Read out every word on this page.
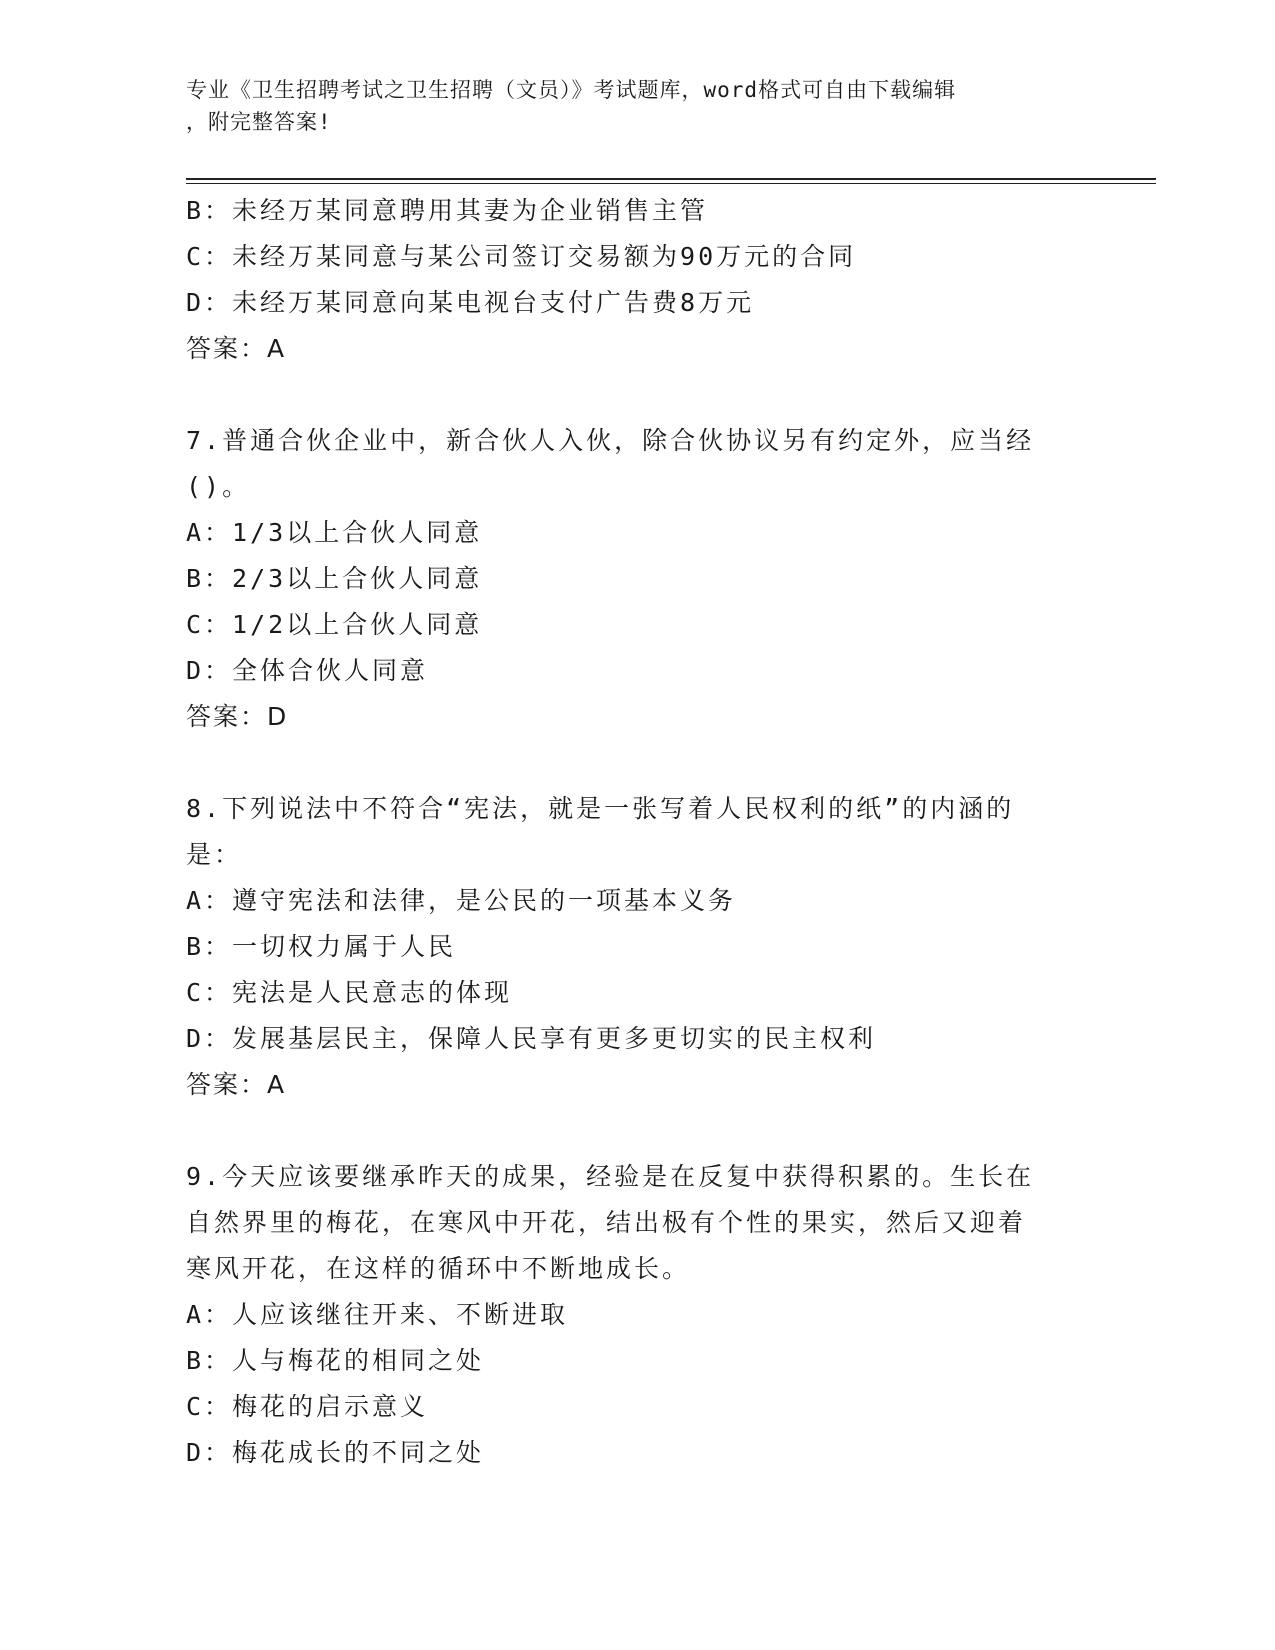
专业《卫生招聘考试之卫生招聘（文员）》考试题库，word格式可自由下载编辑
，附完整答案!
B：未经万某同意聘用其妻为企业销售主管
C：未经万某同意与某公司签订交易额为90万元的合同
D：未经万某同意向某电视台支付广告费8万元
答案：A
7.普通合伙企业中，新合伙人入伙，除合伙协议另有约定外，应当经
()。
A：1/3以上合伙人同意
B：2/3以上合伙人同意
C：1/2以上合伙人同意
D：全体合伙人同意
答案：D
8.下列说法中不符合“宪法，就是一张写着人民权利的纸”的内涵的
是：
A：遵守宪法和法律，是公民的一项基本义务
B：一切权力属于人民
C：宪法是人民意志的体现
D：发展基层民主，保障人民享有更多更切实的民主权利
答案：A
9.今天应该要继承昨天的成果，经验是在反复中获得积累的。生长在
自然界里的梅花，在寒风中开花，结出极有个性的果实，然后又迎着
寒风开花，在这样的循环中不断地成长。
A：人应该继往开来、不断进取
B：人与梅花的相同之处
C：梅花的启示意义
D：梅花成长的不同之处
